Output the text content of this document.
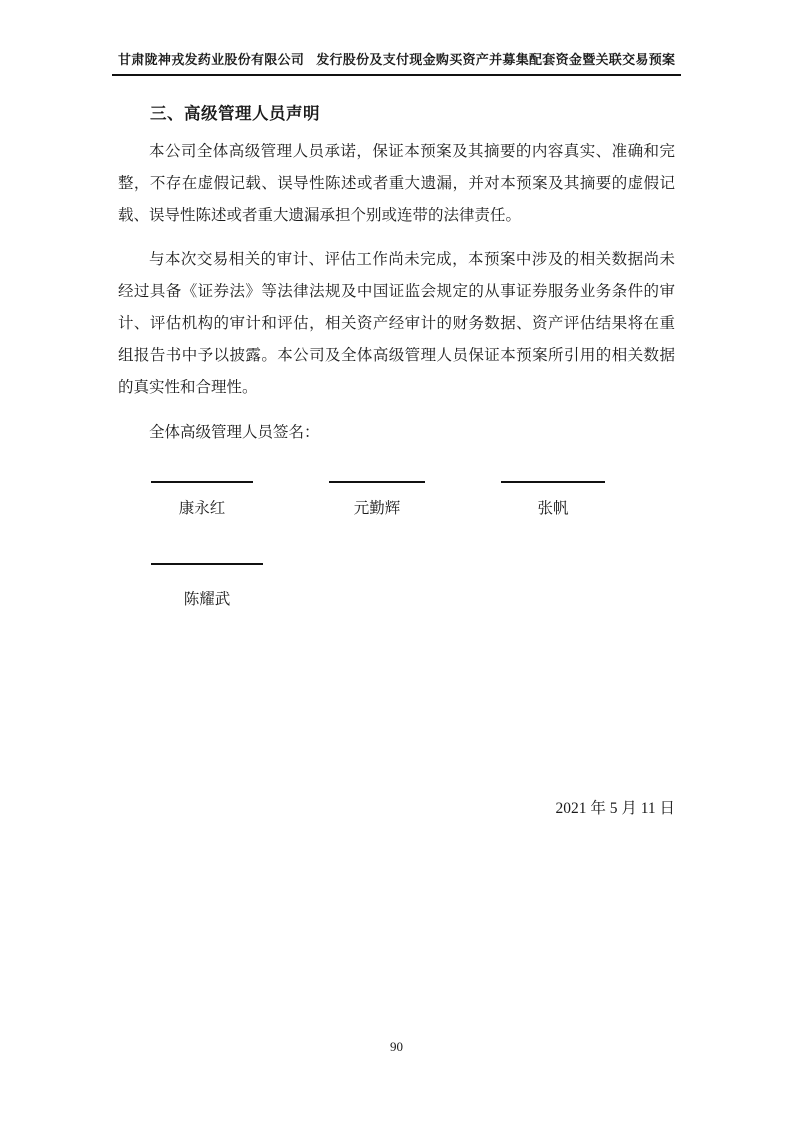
甘肃陇神戎发药业股份有限公司 发行股份及支付现金购买资产并募集配套资金暨关联交易预案
三、高级管理人员声明

本公司全体高级管理人员承诺，保证本预案及其摘要的内容真实、准确和完整，不存在虚假记载、误导性陈述或者重大遗漏，并对本预案及其摘要的虚假记载、误导性陈述或者重大遗漏承担个别或连带的法律责任。

与本次交易相关的审计、评估工作尚未完成，本预案中涉及的相关数据尚未经过具备《证券法》等法律法规及中国证监会规定的从事证券服务业务条件的审计、评估机构的审计和评估，相关资产经审计的财务数据、资产评估结果将在重组报告书中予以披露。本公司及全体高级管理人员保证本预案所引用的相关数据的真实性和合理性。

全体高级管理人员签名：
康永红	元勤辉	张帆
陈耀武
2021 年 5 月 11 日
90
